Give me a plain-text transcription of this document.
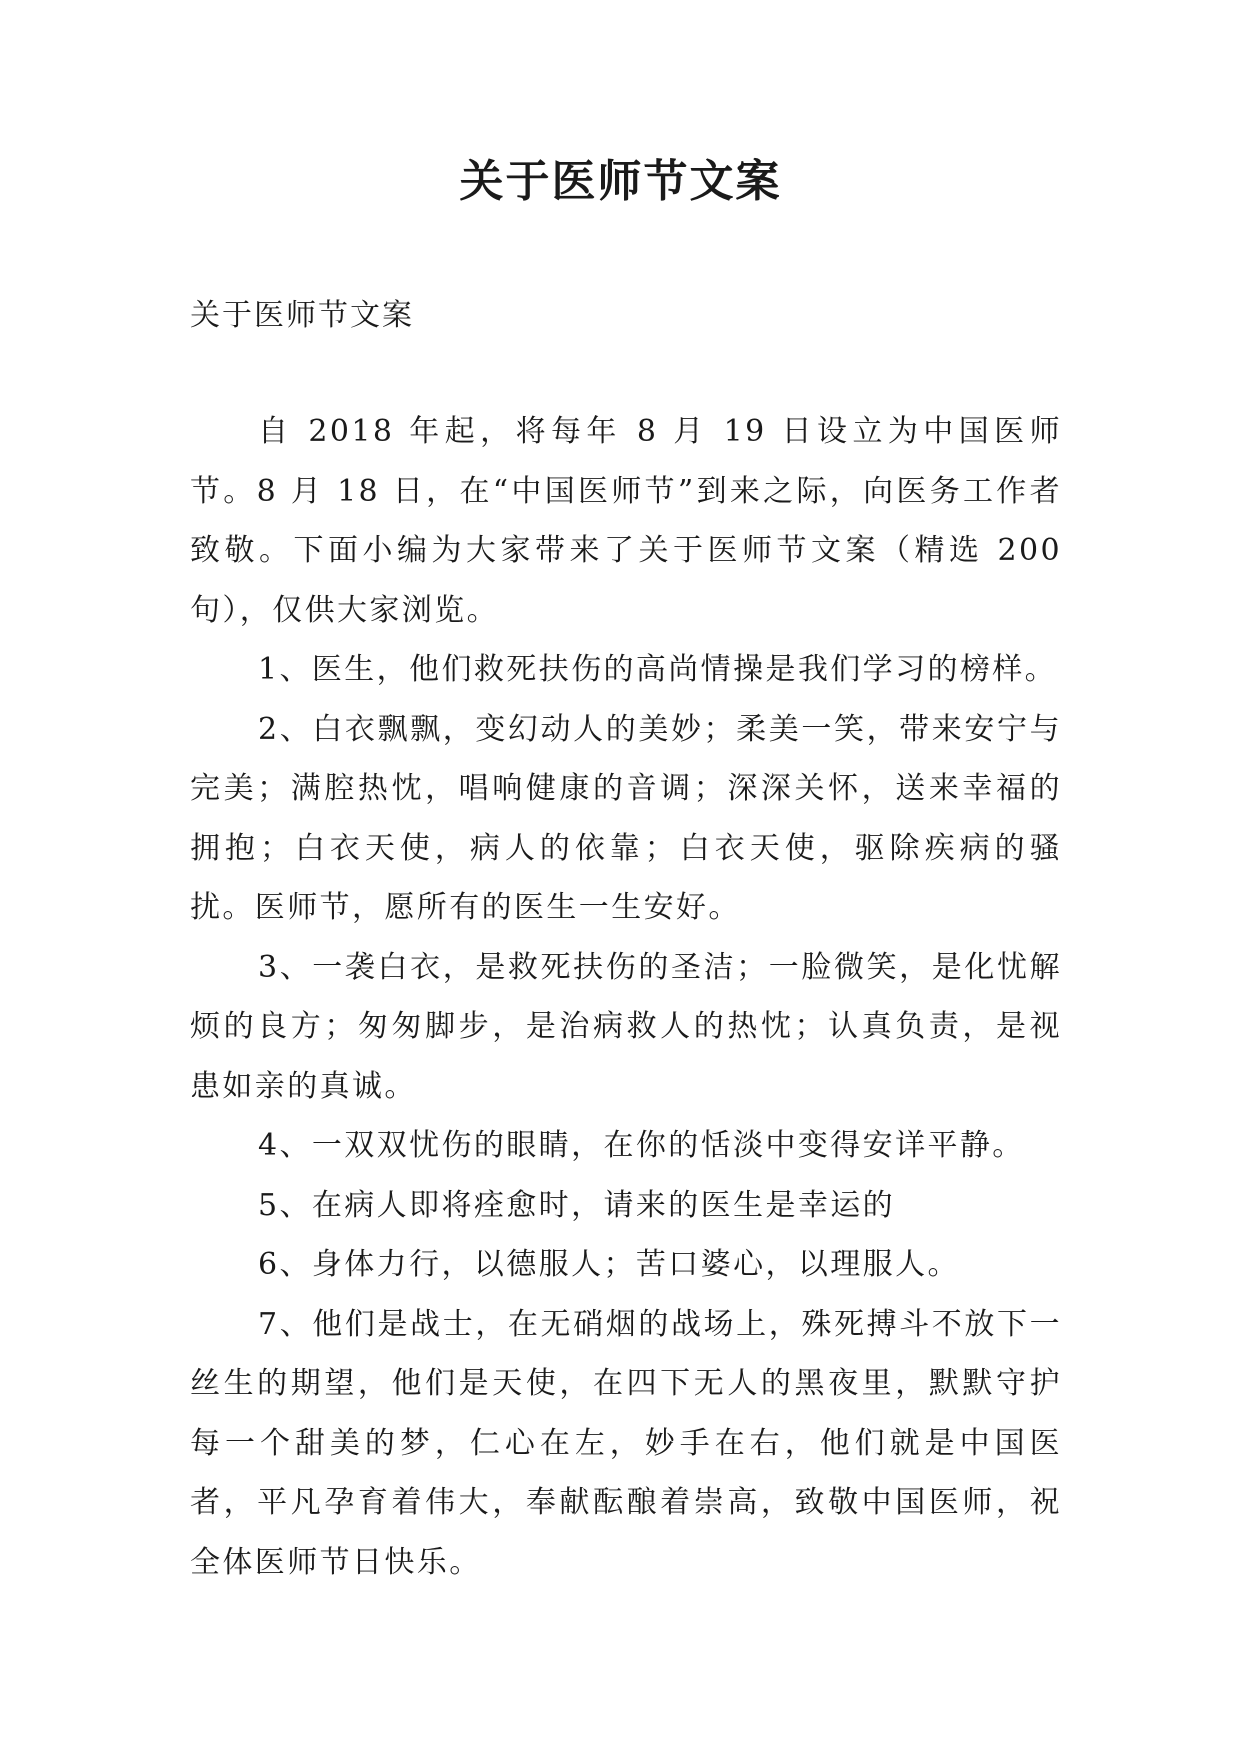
关于医师节文案

关于医师节文案

自 2018 年起，将每年 8 月 19 日设立为中国医师节。8 月 18 日，在“中国医师节”到来之际，向医务工作者致敬。下面小编为大家带来了关于医师节文案（精选 200 句），仅供大家浏览。

1、医生，他们救死扶伤的高尚情操是我们学习的榜样。

2、白衣飘飘，变幻动人的美妙；柔美一笑，带来安宁与完美；满腔热忱，唱响健康的音调；深深关怀，送来幸福的拥抱；白衣天使，病人的依靠；白衣天使，驱除疾病的骚扰。医师节，愿所有的医生一生安好。

3、一袭白衣，是救死扶伤的圣洁；一脸微笑，是化忧解烦的良方；匆匆脚步，是治病救人的热忱；认真负责，是视患如亲的真诚。

4、一双双忧伤的眼睛，在你的恬淡中变得安详平静。

5、在病人即将痊愈时，请来的医生是幸运的

6、身体力行，以德服人；苦口婆心，以理服人。

7、他们是战士，在无硝烟的战场上，殊死搏斗不放下一丝生的期望，他们是天使，在四下无人的黑夜里，默默守护每一个甜美的梦，仁心在左，妙手在右，他们就是中国医者，平凡孕育着伟大，奉献酝酿着崇高，致敬中国医师，祝全体医师节日快乐。
